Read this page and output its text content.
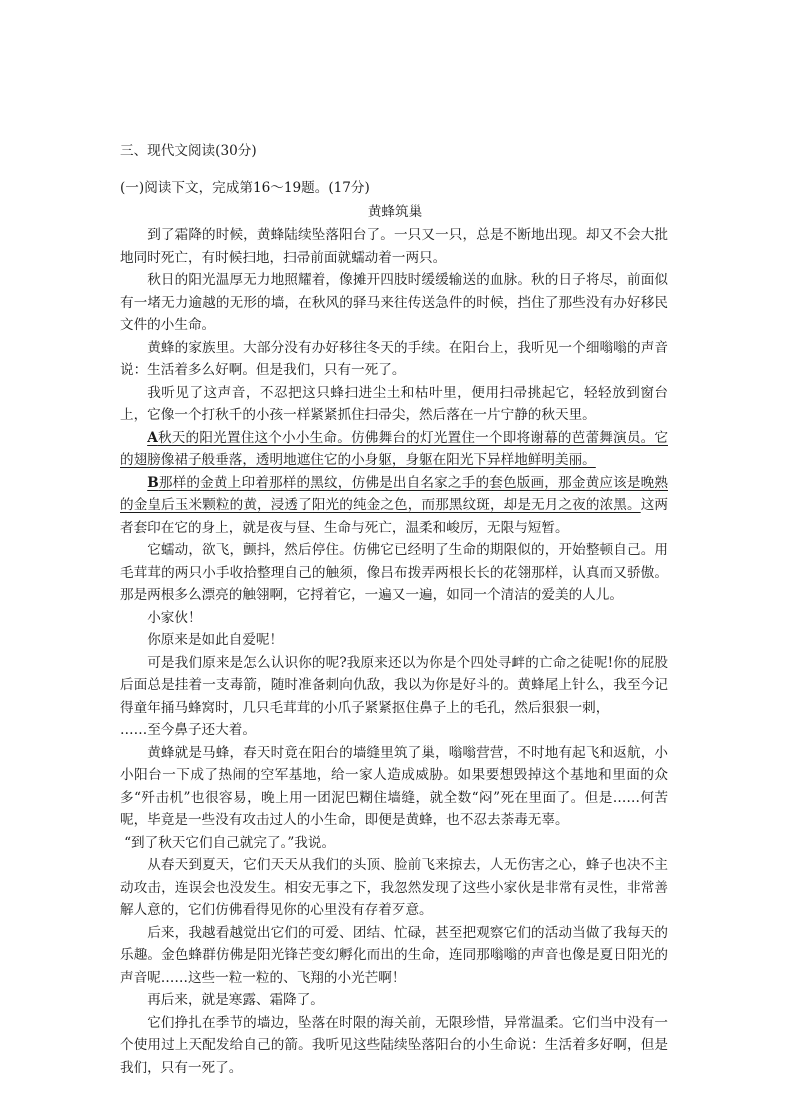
三、现代文阅读(30分)
(一)阅读下文，完成第16～19题。(17分)
黄蜂筑巢

到了霜降的时候，黄蜂陆续坠落阳台了。一只又一只，总是不断地出现。却又不会大批地同时死亡，有时候扫地，扫帚前面就蠕动着一两只。

秋日的阳光温厚无力地照耀着，像摊开四肢时缓缓输送的血脉。秋的日子将尽，前面似有一堵无力逾越的无形的墙，在秋风的驿马来往传送急件的时候，挡住了那些没有办好移民文件的小生命。

黄蜂的家族里。大部分没有办好移往冬天的手续。在阳台上，我听见一个细嗡嗡的声音说：生活着多么好啊。但是我们，只有一死了。

我听见了这声音，不忍把这只蜂扫进尘土和枯叶里，便用扫帚挑起它，轻轻放到窗台上，它像一个打秋千的小孩一样紧紧抓住扫帚尖，然后落在一片宁静的秋天里。

A秋天的阳光置住这个小小生命。仿佛舞台的灯光置住一个即将谢幕的芭蕾舞演员。它的翅膀像裙子般垂落，透明地遮住它的小身躯，身躯在阳光下异样地鲜明美丽。

B那样的金黄上印着那样的黑纹，仿佛是出自名家之手的套色版画，那金黄应该是晚熟的金皇后玉米颗粒的黄，浸透了阳光的纯金之色，而那黑纹斑，却是无月之夜的浓黑。这两者套印在它的身上，就是夜与昼、生命与死亡，温柔和峻厉，无限与短暂。

它蠕动，欲飞，颤抖，然后停住。仿佛它已经明了生命的期限似的，开始整顿自己。用毛茸茸的两只小手收拾整理自己的触须，像吕布拨弄两根长长的花翎那样，认真而又骄傲。那是两根多么漂亮的触翎啊，它捋着它，一遍又一遍，如同一个清洁的爱美的人儿。

小家伙！

你原来是如此自爱呢！

可是我们原来是怎么认识你的呢?我原来还以为你是个四处寻衅的亡命之徒呢!你的屁股后面总是挂着一支毒箭，随时准备刺向仇敌，我以为你是好斗的。黄蜂尾上针么，我至今记得童年捅马蜂窝时，几只毛茸茸的小爪子紧紧抠住鼻子上的毛孔，然后狠狠一刺，

……至今鼻子还大着。

黄蜂就是马蜂，春天时竟在阳台的墙缝里筑了巢，嗡嗡营营，不时地有起飞和返航，小小阳台一下成了热闹的空军基地，给一家人造成威胁。如果要想毁掉这个基地和里面的众多“歼击机”也很容易，晚上用一团泥巴糊住墙缝，就全数“闷”死在里面了。但是……何苦呢，毕竟是一些没有攻击过人的小生命，即便是黄蜂，也不忍去荼毒无辜。

“到了秋天它们自己就完了。”我说。

从春天到夏天，它们天天从我们的头顶、脸前飞来掠去，人无伤害之心，蜂子也决不主动攻击，连误会也没发生。相安无事之下，我忽然发现了这些小家伙是非常有灵性，非常善解人意的，它们仿佛看得见你的心里没有存着歹意。

后来，我越看越觉出它们的可爱、团结、忙碌，甚至把观察它们的活动当做了我每天的乐趣。金色蜂群仿佛是阳光锋芒变幻孵化而出的生命，连同那嗡嗡的声音也像是夏日阳光的声音呢……这些一粒一粒的、飞翔的小光芒啊！

再后来，就是寒露、霜降了。

它们挣扎在季节的墙边，坠落在时限的海关前，无限珍惜，异常温柔。它们当中没有一个使用过上天配发给自己的箭。我听见这些陆续坠落阳台的小生命说：生活着多好啊，但是我们，只有一死了。
